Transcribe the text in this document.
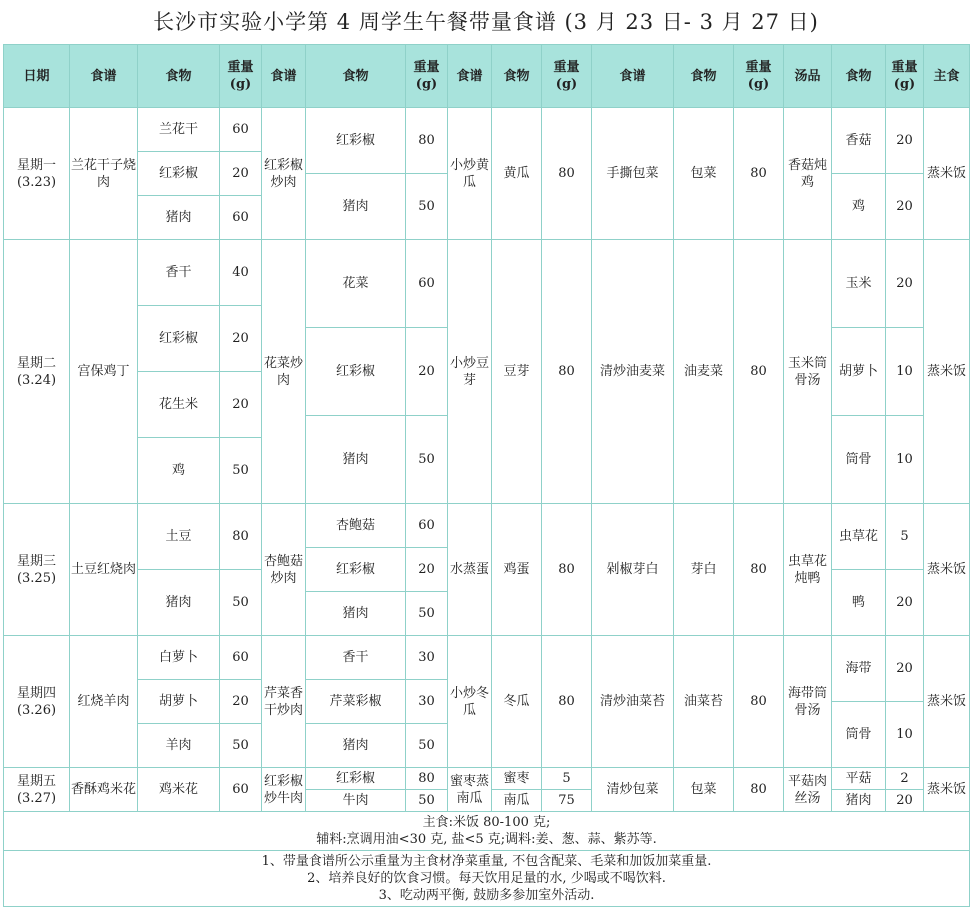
长沙市实验小学第 4 周学生午餐带量食谱 (3 月 23 日- 3 月 27 日)
日期	食谱	食物	重量(g)	食谱	食物	重量(g)	食谱	食物	重量(g)	食谱	食物	重量(g)	汤品	食物	重量(g)	主食

星期一
(3.23)	兰花干子烧肉	兰花干	60	红彩椒炒肉	红彩椒	80	小炒黄瓜	黄瓜	80	手撕包菜	包菜	80	香菇炖鸡	香菇	20	蒸米饭

		红彩椒	20													
					猪肉	50								鸡	20	
		猪肉	60													

星期二
(3.24)	宫保鸡丁	香干	40	花菜炒肉	花菜	60	小炒豆芽	豆芽	80	清炒油麦菜	油麦菜	80	玉米筒骨汤	玉米	20	蒸米饭

		红彩椒	20													
					红彩椒	20								胡萝卜	10	

		花生米	20													

					猪肉	50								筒骨	10	
		鸡	50													

星期三
(3.25)	土豆红烧肉	土豆	80	杏鲍菇炒肉	杏鲍菇	60	水蒸蛋	鸡蛋	80	剁椒芽白	芽白	80	虫草花炖鸭	虫草花	5	蒸米饭

					红彩椒	20										
		猪肉	50											鸭	20	
					猪肉	50										

星期四
(3.26)	红烧羊肉	白萝卜	60	芹菜香干炒肉	香干	30	小炒冬瓜	冬瓜	80	清炒油菜苔	油菜苔	80	海带筒骨汤	海带	20	蒸米饭

		胡萝卜	20		芹菜彩椒	30										
														筒骨	10	
		羊肉	50		猪肉	50										

星期五
(3.27)	香酥鸡米花	鸡米花	60	红彩椒炒牛肉	红彩椒	80	蜜枣蒸南瓜	蜜枣	5	清炒包菜	包菜	80	平菇肉丝汤	平菇	2	蒸米饭
					牛肉	50		南瓜	75					猪肉	20	

主食:米饭 80-100 克;
辅料:烹调用油<30 克, 盐<5 克;调料:姜、葱、蒜、紫苏等.																

1、带量食谱所公示重量为主食材净菜重量, 不包含配菜、毛菜和加饭加菜重量.
2、培养良好的饮食习惯。每天饮用足量的水, 少喝或不喝饮料.
3、吃动两平衡, 鼓励多参加室外活动.																
